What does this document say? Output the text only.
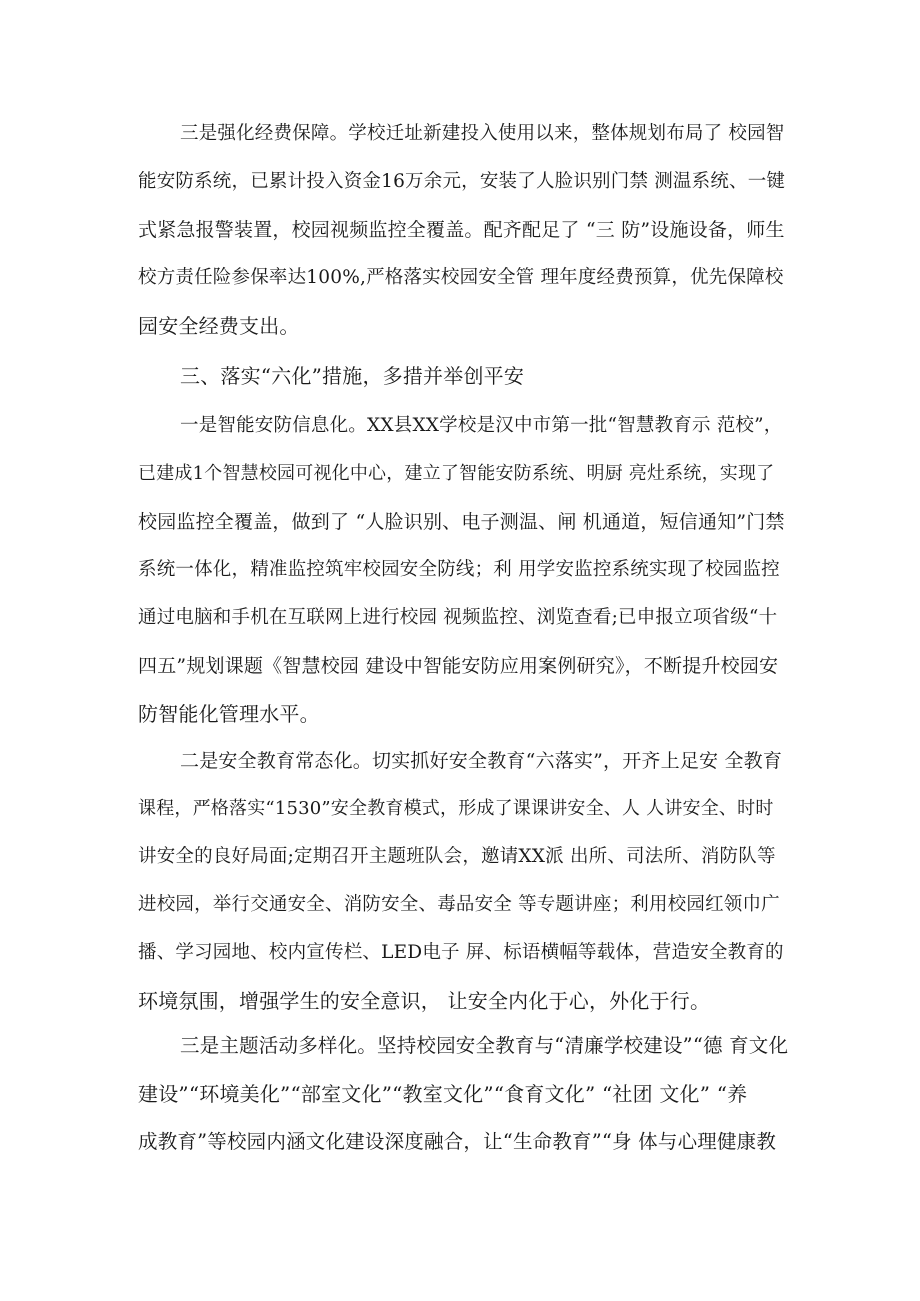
三是强化经费保障。学校迁址新建投入使用以来，整体规划布局了 校园智
能安防系统，已累计投入资金16万余元，安装了人脸识别门禁 测温系统、一键
式紧急报警装置，校园视频监控全覆盖。配齐配足了 “三 防”设施设备，师生
校方责任险参保率达100%,严格落实校园安全管 理年度经费预算，优先保障校
园安全经费支出。
三、落实“六化”措施，多措并举创平安
一是智能安防信息化。XX县XX学校是汉中市第一批“智慧教育示 范校”，
已建成1个智慧校园可视化中心，建立了智能安防系统、明厨 亮灶系统，实现了
校园监控全覆盖，做到了 “人脸识别、电子测温、闸 机通道，短信通知”门禁
系统一体化，精准监控筑牢校园安全防线；利 用学安监控系统实现了校园监控
通过电脑和手机在互联网上进行校园 视频监控、浏览查看;已申报立项省级“十
四五”规划课题《智慧校园 建设中智能安防应用案例研究》，不断提升校园安
防智能化管理水平。
二是安全教育常态化。切实抓好安全教育“六落实”，开齐上足安 全教育
课程，严格落实“1530”安全教育模式，形成了课课讲安全、人 人讲安全、时时
讲安全的良好局面;定期召开主题班队会，邀请XX派 出所、司法所、消防队等
进校园，举行交通安全、消防安全、毒品安全 等专题讲座；利用校园红领巾广
播、学习园地、校内宣传栏、LED电子 屏、标语横幅等载体，营造安全教育的
环境氛围，增强学生的安全意识， 让安全内化于心，外化于行。
三是主题活动多样化。坚持校园安全教育与“清廉学校建设”“德 育文化
建设”“环境美化”“部室文化”“教室文化”“食育文化” “社团 文化” “养
成教育”等校园内涵文化建设深度融合，让“生命教育”“身 体与心理健康教
